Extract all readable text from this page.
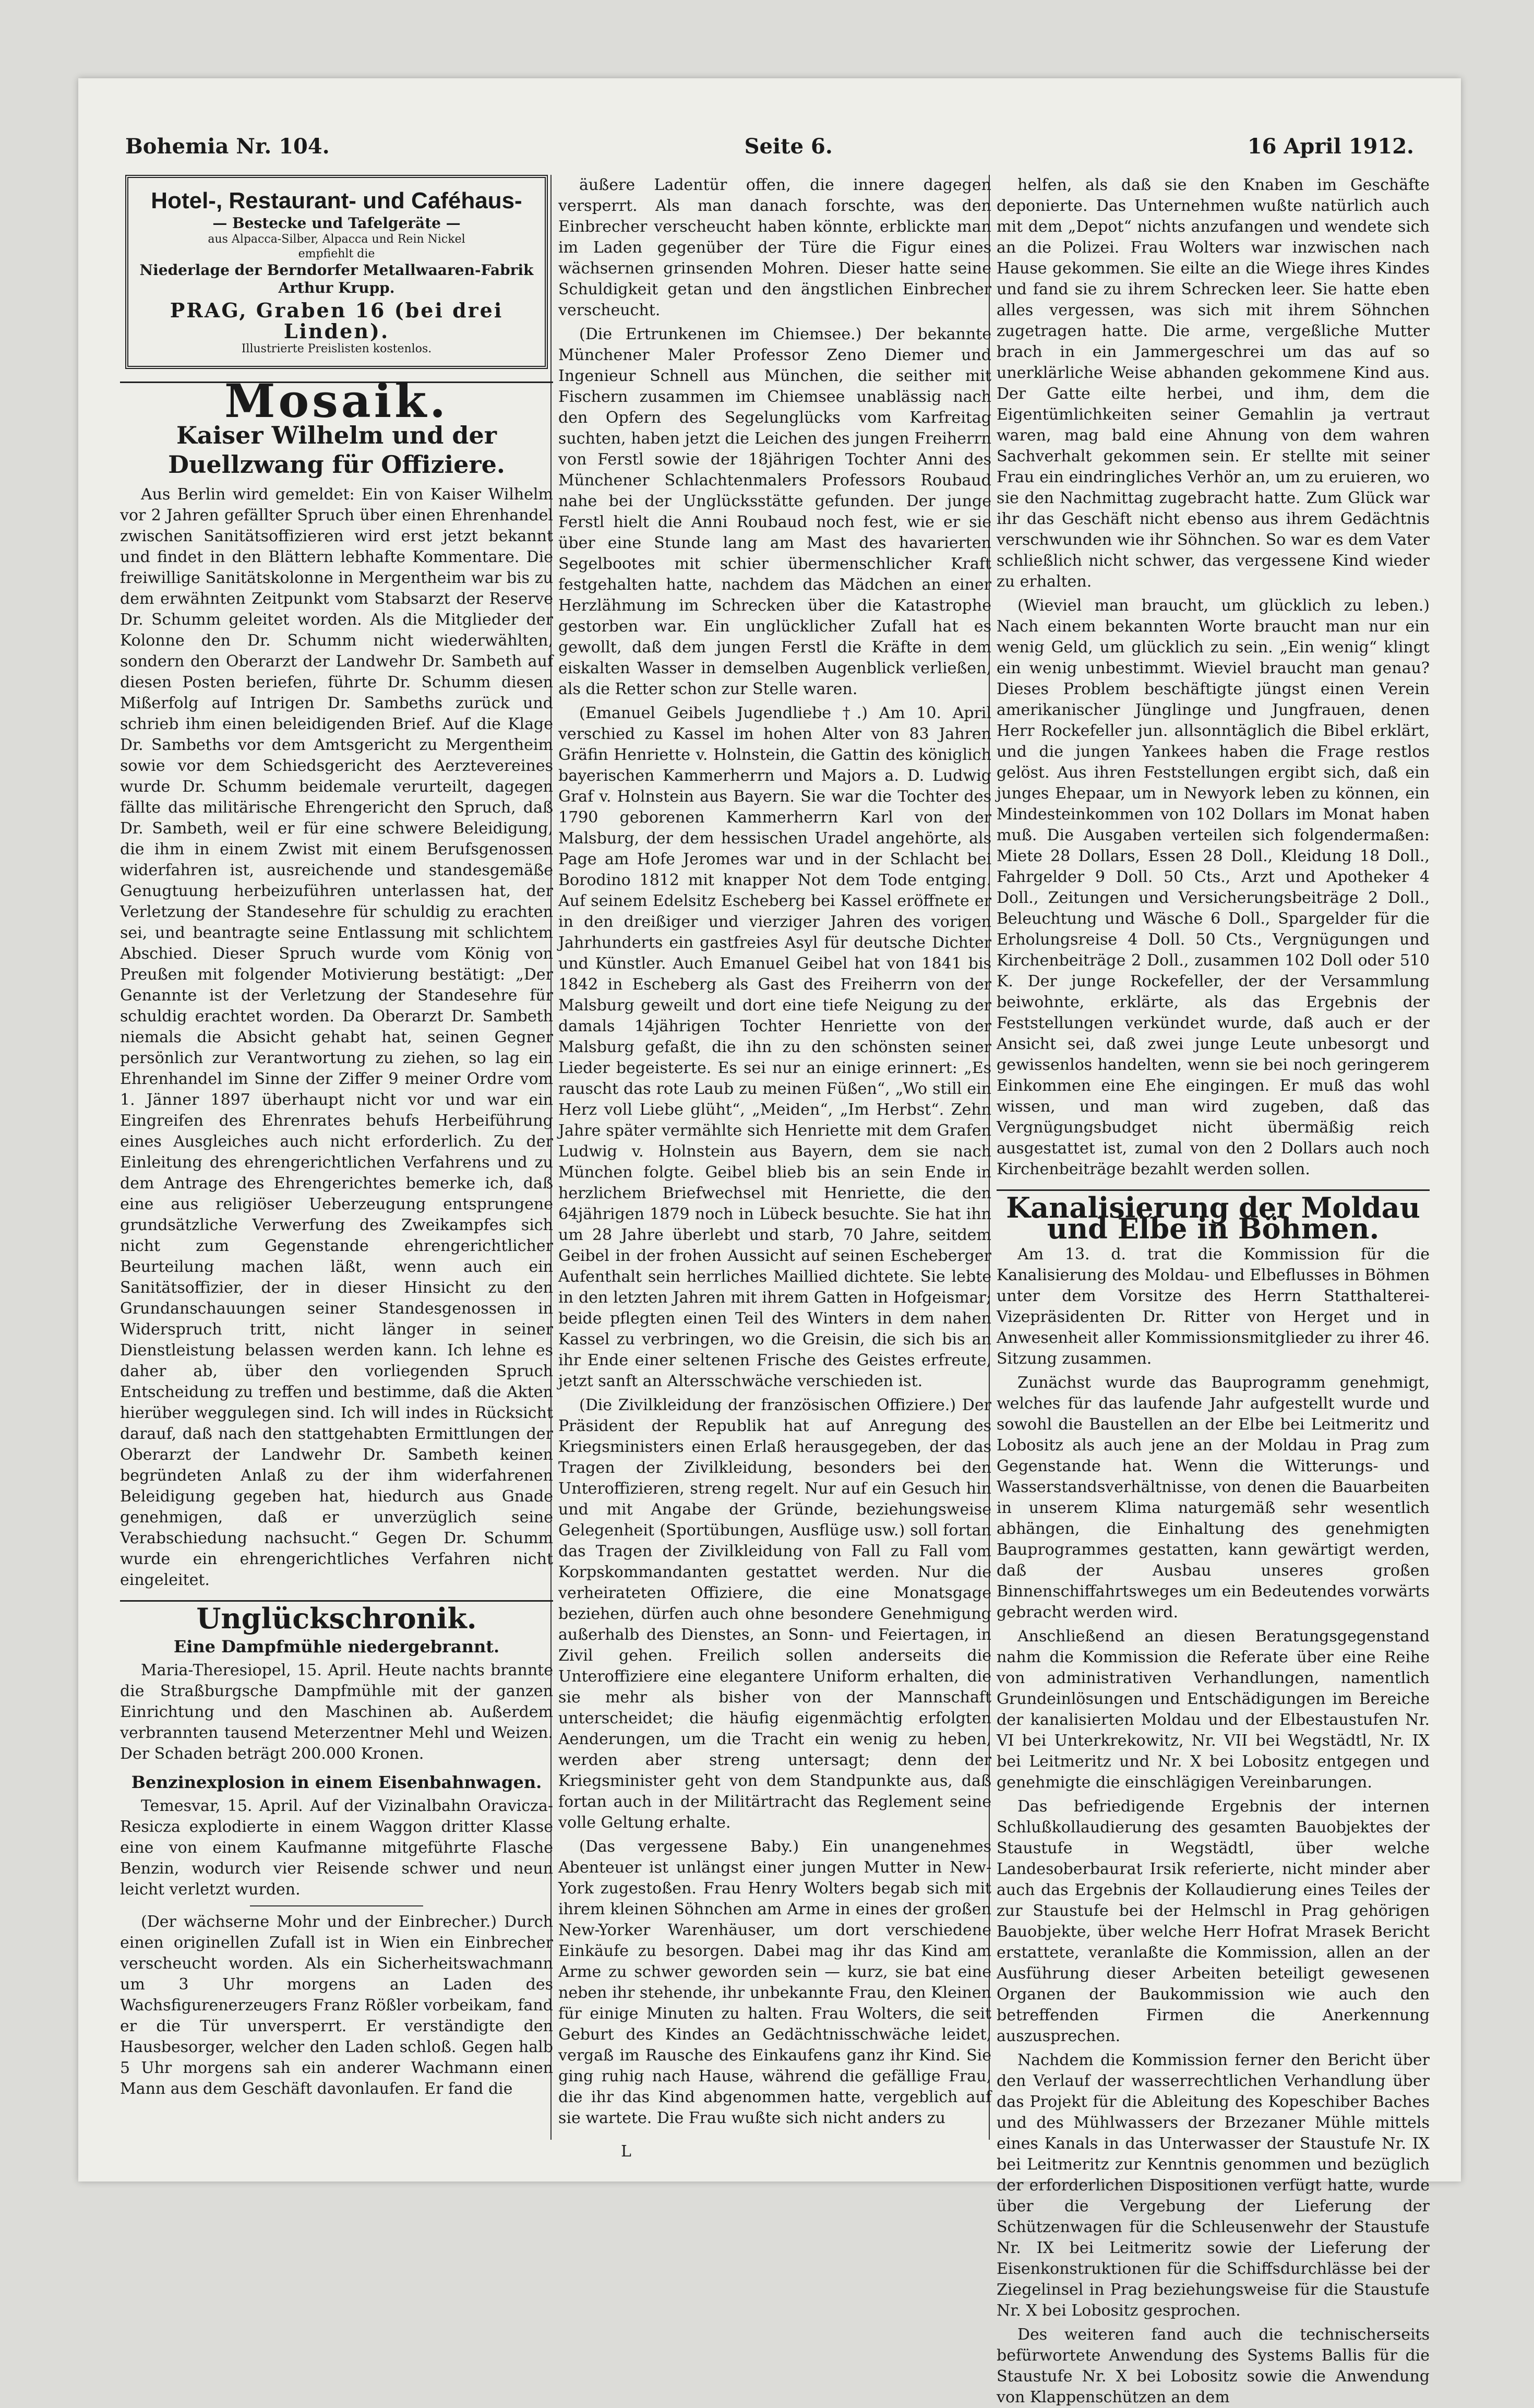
Bohemia Nr. 104.	Seite 6.	16 April 1912.
Hotel-, Restaurant- und Caféhaus-
— Bestecke und Tafelgeräte —
aus Alpacca-Silber, Alpacca und Rein Nickel
empfiehlt die
Niederlage der Berndorfer Metallwaaren-Fabrik Arthur Krupp.
PRAG, Graben 16 (bei drei Linden).
Illustrierte Preislisten kostenlos.
Mosaik.
Kaiser Wilhelm und der Duellzwang für Offiziere.

Aus Berlin wird gemeldet: Ein von Kaiser Wilhelm vor 2 Jahren gefällter Spruch über einen Ehrenhandel zwischen Sanitätsoffizieren wird erst jetzt bekannt und findet in den Blättern lebhafte Kommentare. Die freiwillige Sanitätskolonne in Mergentheim war bis zu dem erwähnten Zeitpunkt vom Stabsarzt der Reserve Dr. Schumm geleitet worden. Als die Mitglieder der Kolonne den Dr. Schumm nicht wiederwählten, sondern den Oberarzt der Landwehr Dr. Sambeth auf diesen Posten beriefen, führte Dr. Schumm diesen Mißerfolg auf Intrigen Dr. Sambeths zurück und schrieb ihm einen beleidigenden Brief. Auf die Klage Dr. Sambeths vor dem Amtsgericht zu Mergentheim sowie vor dem Schiedsgericht des Aerztevereines wurde Dr. Schumm beidemale verurteilt, dagegen fällte das militärische Ehrengericht den Spruch, daß Dr. Sambeth, weil er für eine schwere Beleidigung, die ihm in einem Zwist mit einem Berufsgenossen widerfahren ist, ausreichende und standesgemäße Genugtuung herbeizuführen unterlassen hat, der Verletzung der Standesehre für schuldig zu erachten sei, und beantragte seine Entlassung mit schlichtem Abschied. Dieser Spruch wurde vom König von Preußen mit folgender Motivierung bestätigt: „Der Genannte ist der Verletzung der Standesehre für schuldig erachtet worden. Da Oberarzt Dr. Sambeth niemals die Absicht gehabt hat, seinen Gegner persönlich zur Verantwortung zu ziehen, so lag ein Ehrenhandel im Sinne der Ziffer 9 meiner Ordre vom 1. Jänner 1897 überhaupt nicht vor und war ein Eingreifen des Ehrenrates behufs Herbeiführung eines Ausgleiches auch nicht erforderlich. Zu der Einleitung des ehrengerichtlichen Verfahrens und zu dem Antrage des Ehrengerichtes bemerke ich, daß eine aus religiöser Ueberzeugung entsprungene grundsätzliche Verwerfung des Zweikampfes sich nicht zum Gegenstande ehrengerichtlicher Beurteilung machen läßt, wenn auch ein Sanitätsoffizier, der in dieser Hinsicht zu den Grundanschauungen seiner Standesgenossen in Widerspruch tritt, nicht länger in seiner Dienstleistung belassen werden kann. Ich lehne es daher ab, über den vorliegenden Spruch Entscheidung zu treffen und bestimme, daß die Akten hierüber weggulegen sind. Ich will indes in Rücksicht darauf, daß nach den stattgehabten Ermittlungen der Oberarzt der Landwehr Dr. Sambeth keinen begründeten Anlaß zu der ihm widerfahrenen Beleidigung gegeben hat, hiedurch aus Gnade genehmigen, daß er unverzüglich seine Verabschiedung nachsucht.“ Gegen Dr. Schumm wurde ein ehrengerichtliches Verfahren nicht eingeleitet.

Unglückschronik.
Eine Dampfmühle niedergebrannt.

Maria-Theresiopel, 15. April. Heute nachts brannte die Straßburgsche Dampfmühle mit der ganzen Einrichtung und den Maschinen ab. Außerdem verbrannten tausend Meterzentner Mehl und Weizen. Der Schaden beträgt 200.000 Kronen.

Benzinexplosion in einem Eisenbahnwagen.

Temesvar, 15. April. Auf der Vizinalbahn Oravicza-Resicza explodierte in einem Waggon dritter Klasse eine von einem Kaufmanne mitgeführte Flasche Benzin, wodurch vier Reisende schwer und neun leicht verletzt wurden.

(Der wächserne Mohr und der Einbrecher.) Durch einen originellen Zufall ist in Wien ein Einbrecher verscheucht worden. Als ein Sicherheitswachmann um 3 Uhr morgens an Laden des Wachsfigurenerzeugers Franz Rößler vorbeikam, fand er die Tür unversperrt. Er verständigte den Hausbesorger, welcher den Laden schloß. Gegen halb 5 Uhr morgens sah ein anderer Wachmann einen Mann aus dem Geschäft davonlaufen. Er fand die

äußere Ladentür offen, die innere dagegen versperrt. Als man danach forschte, was den Einbrecher verscheucht haben könnte, erblickte man im Laden gegenüber der Türe die Figur eines wächsernen grinsenden Mohren. Dieser hatte seine Schuldigkeit getan und den ängstlichen Einbrecher verscheucht.

(Die Ertrunkenen im Chiemsee.) Der bekannte Münchener Maler Professor Zeno Diemer und Ingenieur Schnell aus München, die seither mit Fischern zusammen im Chiemsee unablässig nach den Opfern des Segelunglücks vom Karfreitag suchten, haben jetzt die Leichen des jungen Freiherrn von Ferstl sowie der 18jährigen Tochter Anni des Münchener Schlachtenmalers Professors Roubaud nahe bei der Unglücksstätte gefunden. Der junge Ferstl hielt die Anni Roubaud noch fest, wie er sie über eine Stunde lang am Mast des havarierten Segelbootes mit schier übermenschlicher Kraft festgehalten hatte, nachdem das Mädchen an einer Herzlähmung im Schrecken über die Katastrophe gestorben war. Ein unglücklicher Zufall hat es gewollt, daß dem jungen Ferstl die Kräfte in dem eiskalten Wasser in demselben Augenblick verließen, als die Retter schon zur Stelle waren.

(Emanuel Geibels Jugendliebe †.) Am 10. April verschied zu Kassel im hohen Alter von 83 Jahren Gräfin Henriette v. Holnstein, die Gattin des königlich bayerischen Kammerherrn und Majors a. D. Ludwig Graf v. Holnstein aus Bayern. Sie war die Tochter des 1790 geborenen Kammerherrn Karl von der Malsburg, der dem hessischen Uradel angehörte, als Page am Hofe Jeromes war und in der Schlacht bei Borodino 1812 mit knapper Not dem Tode entging. Auf seinem Edelsitz Escheberg bei Kassel eröffnete er in den dreißiger und vierziger Jahren des vorigen Jahrhunderts ein gastfreies Asyl für deutsche Dichter und Künstler. Auch Emanuel Geibel hat von 1841 bis 1842 in Escheberg als Gast des Freiherrn von der Malsburg geweilt und dort eine tiefe Neigung zu der damals 14jährigen Tochter Henriette von der Malsburg gefaßt, die ihn zu den schönsten seiner Lieder begeisterte. Es sei nur an einige erinnert: „Es rauscht das rote Laub zu meinen Füßen“, „Wo still ein Herz voll Liebe glüht“, „Meiden“, „Im Herbst“. Zehn Jahre später vermählte sich Henriette mit dem Grafen Ludwig v. Holnstein aus Bayern, dem sie nach München folgte. Geibel blieb bis an sein Ende in herzlichem Briefwechsel mit Henriette, die den 64jährigen 1879 noch in Lübeck besuchte. Sie hat ihn um 28 Jahre überlebt und starb, 70 Jahre, seitdem Geibel in der frohen Aussicht auf seinen Escheberger Aufenthalt sein herrliches Maillied dichtete. Sie lebte in den letzten Jahren mit ihrem Gatten in Hofgeismar; beide pflegten einen Teil des Winters in dem nahen Kassel zu verbringen, wo die Greisin, die sich bis an ihr Ende einer seltenen Frische des Geistes erfreute, jetzt sanft an Altersschwäche verschieden ist.

(Die Zivilkleidung der französischen Offiziere.) Der Präsident der Republik hat auf Anregung des Kriegsministers einen Erlaß herausgegeben, der das Tragen der Zivilkleidung, besonders bei den Unteroffizieren, streng regelt. Nur auf ein Gesuch hin und mit Angabe der Gründe, beziehungsweise Gelegenheit (Sportübungen, Ausflüge usw.) soll fortan das Tragen der Zivilkleidung von Fall zu Fall vom Korpskommandanten gestattet werden. Nur die verheirateten Offiziere, die eine Monatsgage beziehen, dürfen auch ohne besondere Genehmigung außerhalb des Dienstes, an Sonn- und Feiertagen, in Zivil gehen. Freilich sollen anderseits die Unteroffiziere eine elegantere Uniform erhalten, die sie mehr als bisher von der Mannschaft unterscheidet; die häufig eigenmächtig erfolgten Aenderungen, um die Tracht ein wenig zu heben, werden aber streng untersagt; denn der Kriegsminister geht von dem Standpunkte aus, daß fortan auch in der Militärtracht das Reglement seine volle Geltung erhalte.

(Das vergessene Baby.) Ein unangenehmes Abenteuer ist unlängst einer jungen Mutter in New-York zugestoßen. Frau Henry Wolters begab sich mit ihrem kleinen Söhnchen am Arme in eines der großen New-Yorker Warenhäuser, um dort verschiedene Einkäufe zu besorgen. Dabei mag ihr das Kind am Arme zu schwer geworden sein — kurz, sie bat eine neben ihr stehende, ihr unbekannte Frau, den Kleinen für einige Minuten zu halten. Frau Wolters, die seit Geburt des Kindes an Gedächtnisschwäche leidet, vergaß im Rausche des Einkaufens ganz ihr Kind. Sie ging ruhig nach Hause, während die gefällige Frau, die ihr das Kind abgenommen hatte, vergeblich auf sie wartete. Die Frau wußte sich nicht anders zu

helfen, als daß sie den Knaben im Geschäfte deponierte. Das Unternehmen wußte natürlich auch mit dem „Depot“ nichts anzufangen und wendete sich an die Polizei. Frau Wolters war inzwischen nach Hause gekommen. Sie eilte an die Wiege ihres Kindes und fand sie zu ihrem Schrecken leer. Sie hatte eben alles vergessen, was sich mit ihrem Söhnchen zugetragen hatte. Die arme, vergeßliche Mutter brach in ein Jammergeschrei um das auf so unerklärliche Weise abhanden gekommene Kind aus. Der Gatte eilte herbei, und ihm, dem die Eigentümlichkeiten seiner Gemahlin ja vertraut waren, mag bald eine Ahnung von dem wahren Sachverhalt gekommen sein. Er stellte mit seiner Frau ein eindringliches Verhör an, um zu eruieren, wo sie den Nachmittag zugebracht hatte. Zum Glück war ihr das Geschäft nicht ebenso aus ihrem Gedächtnis verschwunden wie ihr Söhnchen. So war es dem Vater schließlich nicht schwer, das vergessene Kind wieder zu erhalten.

(Wieviel man braucht, um glücklich zu leben.) Nach einem bekannten Worte braucht man nur ein wenig Geld, um glücklich zu sein. „Ein wenig“ klingt ein wenig unbestimmt. Wieviel braucht man genau? Dieses Problem beschäftigte jüngst einen Verein amerikanischer Jünglinge und Jungfrauen, denen Herr Rockefeller jun. allsonntäglich die Bibel erklärt, und die jungen Yankees haben die Frage restlos gelöst. Aus ihren Feststellungen ergibt sich, daß ein junges Ehepaar, um in Newyork leben zu können, ein Mindesteinkommen von 102 Dollars im Monat haben muß. Die Ausgaben verteilen sich folgendermaßen: Miete 28 Dollars, Essen 28 Doll., Kleidung 18 Doll., Fahrgelder 9 Doll. 50 Cts., Arzt und Apotheker 4 Doll., Zeitungen und Versicherungsbeiträge 2 Doll., Beleuchtung und Wäsche 6 Doll., Spargelder für die Erholungsreise 4 Doll. 50 Cts., Vergnügungen und Kirchenbeiträge 2 Doll., zusammen 102 Doll oder 510 K. Der junge Rockefeller, der der Versammlung beiwohnte, erklärte, als das Ergebnis der Feststellungen verkündet wurde, daß auch er der Ansicht sei, daß zwei junge Leute unbesorgt und gewissenlos handelten, wenn sie bei noch geringerem Einkommen eine Ehe eingingen. Er muß das wohl wissen, und man wird zugeben, daß das Vergnügungsbudget nicht übermäßig reich ausgestattet ist, zumal von den 2 Dollars auch noch Kirchenbeiträge bezahlt werden sollen.

Kanalisierung der Moldau und Elbe in Böhmen.

Am 13. d. trat die Kommission für die Kanalisierung des Moldau- und Elbeflusses in Böhmen unter dem Vorsitze des Herrn Statthalterei-Vizepräsidenten Dr. Ritter von Herget und in Anwesenheit aller Kommissionsmitglieder zu ihrer 46. Sitzung zusammen.

Zunächst wurde das Bauprogramm genehmigt, welches für das laufende Jahr aufgestellt wurde und sowohl die Baustellen an der Elbe bei Leitmeritz und Lobositz als auch jene an der Moldau in Prag zum Gegenstande hat. Wenn die Witterungs- und Wasserstandsverhältnisse, von denen die Bauarbeiten in unserem Klima naturgemäß sehr wesentlich abhängen, die Einhaltung des genehmigten Bauprogrammes gestatten, kann gewärtigt werden, daß der Ausbau unseres großen Binnenschiffahrtsweges um ein Bedeutendes vorwärts gebracht werden wird.

Anschließend an diesen Beratungsgegenstand nahm die Kommission die Referate über eine Reihe von administrativen Verhandlungen, namentlich Grundeinlösungen und Entschädigungen im Bereiche der kanalisierten Moldau und der Elbestaustufen Nr. VI bei Unterkrekowitz, Nr. VII bei Wegstädtl, Nr. IX bei Leitmeritz und Nr. X bei Lobositz entgegen und genehmigte die einschlägigen Vereinbarungen.

Das befriedigende Ergebnis der internen Schlußkollaudierung des gesamten Bauobjektes der Staustufe in Wegstädtl, über welche Landesoberbaurat Irsik referierte, nicht minder aber auch das Ergebnis der Kollaudierung eines Teiles der zur Staustufe bei der Helmschl in Prag gehörigen Bauobjekte, über welche Herr Hofrat Mrasek Bericht erstattete, veranlaßte die Kommission, allen an der Ausführung dieser Arbeiten beteiligt gewesenen Organen der Baukommission wie auch den betreffenden Firmen die Anerkennung auszusprechen.

Nachdem die Kommission ferner den Bericht über den Verlauf der wasserrechtlichen Verhandlung über das Projekt für die Ableitung des Kopeschiber Baches und des Mühlwassers der Brzezaner Mühle mittels eines Kanals in das Unterwasser der Staustufe Nr. IX bei Leitmeritz zur Kenntnis genommen und bezüglich der erforderlichen Dispositionen verfügt hatte, wurde über die Vergebung der Lieferung der Schützenwagen für die Schleusenwehr der Staustufe Nr. IX bei Leitmeritz sowie der Lieferung der Eisenkonstruktionen für die Schiffsdurchlässe bei der Ziegelinsel in Prag beziehungsweise für die Staustufe Nr. X bei Lobositz gesprochen.

Des weiteren fand auch die technischerseits befürwortete Anwendung des Systems Ballis für die Staustufe Nr. X bei Lobositz sowie die Anwendung von Klappenschützen an dem

L
